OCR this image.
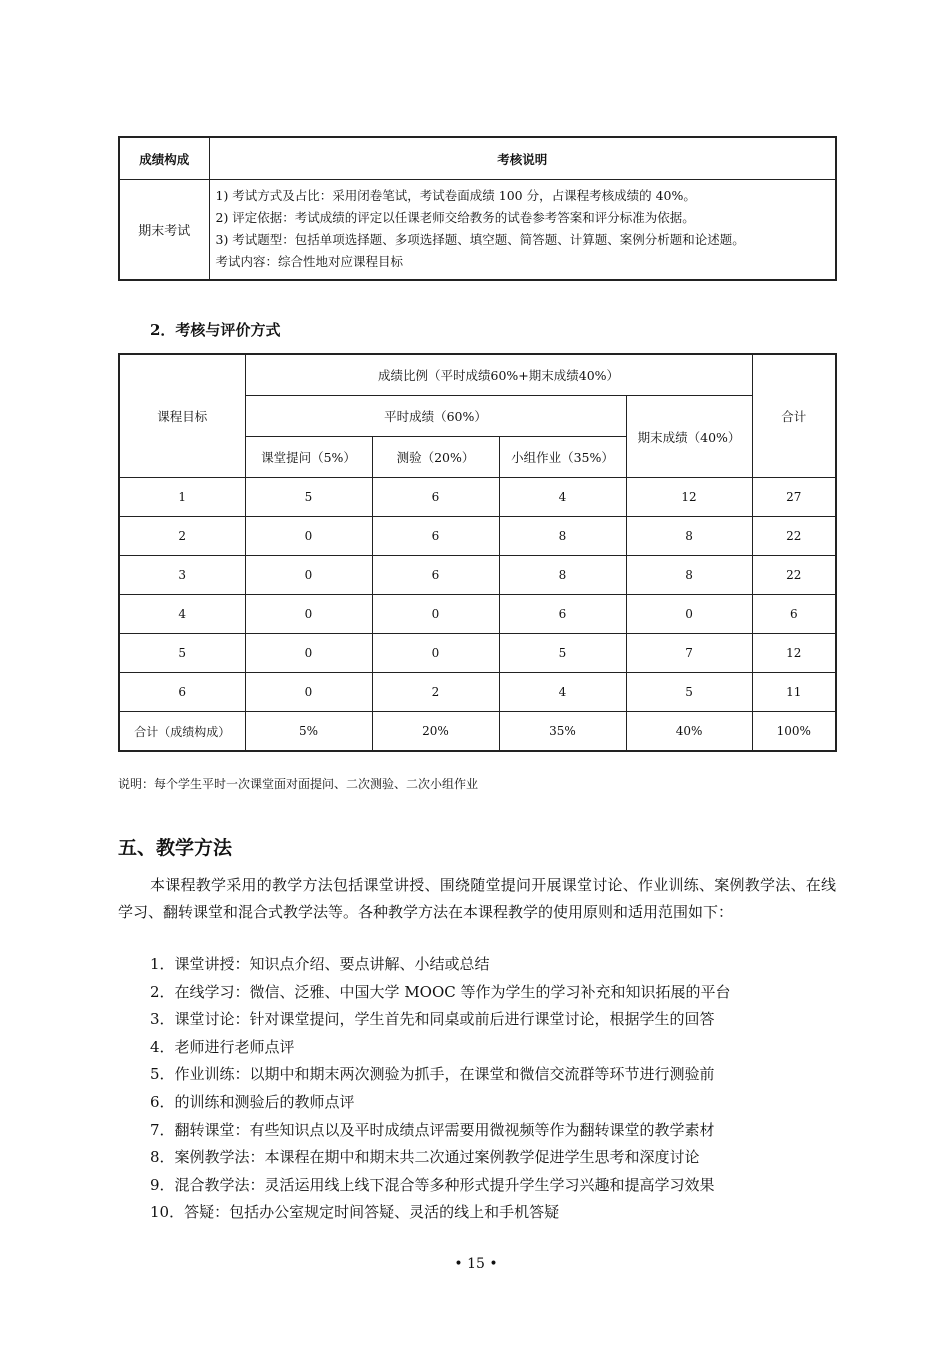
成绩构成	考核说明
期末考试	1) 考试方式及占比：采用闭卷笔试，考试卷面成绩 100 分，占课程考核成绩的 40%。
2) 评定依据：考试成绩的评定以任课老师交给教务的试卷参考答案和评分标准为依据。
3) 考试题型：包括单项选择题、多项选择题、填空题、简答题、计算题、案例分析题和论述题。
考试内容：综合性地对应课程目标
2．考核与评价方式
课程目标	成绩比例（平时成绩60%+期末成绩40%）				合计
	平时成绩（60%）			期末成绩（40%）	
	课堂提问（5%）	测验（20%）	小组作业（35%）		
1	5	6	4	12	27
2	0	6	8	8	22
3	0	6	8	8	22
4	0	0	6	0	6
5	0	0	5	7	12
6	0	2	4	5	11
合计（成绩构成）	5%	20%	35%	40%	100%
说明：每个学生平时一次课堂面对面提问、二次测验、二次小组作业
五、教学方法
本课程教学采用的教学方法包括课堂讲授、围绕随堂提问开展课堂讨论、作业训练、案例教学法、在线学习、翻转课堂和混合式教学法等。各种教学方法在本课程教学的使用原则和适用范围如下：
1．课堂讲授：知识点介绍、要点讲解、小结或总结
2．在线学习：微信、泛雅、中国大学 MOOC 等作为学生的学习补充和知识拓展的平台
3．课堂讨论：针对课堂提问，学生首先和同桌或前后进行课堂讨论，根据学生的回答
4．老师进行老师点评
5．作业训练：以期中和期末两次测验为抓手，在课堂和微信交流群等环节进行测验前
6．的训练和测验后的教师点评
7．翻转课堂：有些知识点以及平时成绩点评需要用微视频等作为翻转课堂的教学素材
8．案例教学法：本课程在期中和期末共二次通过案例教学促进学生思考和深度讨论
9．混合教学法：灵活运用线上线下混合等多种形式提升学生学习兴趣和提高学习效果
10．答疑：包括办公室规定时间答疑、灵活的线上和手机答疑
• 15 •
